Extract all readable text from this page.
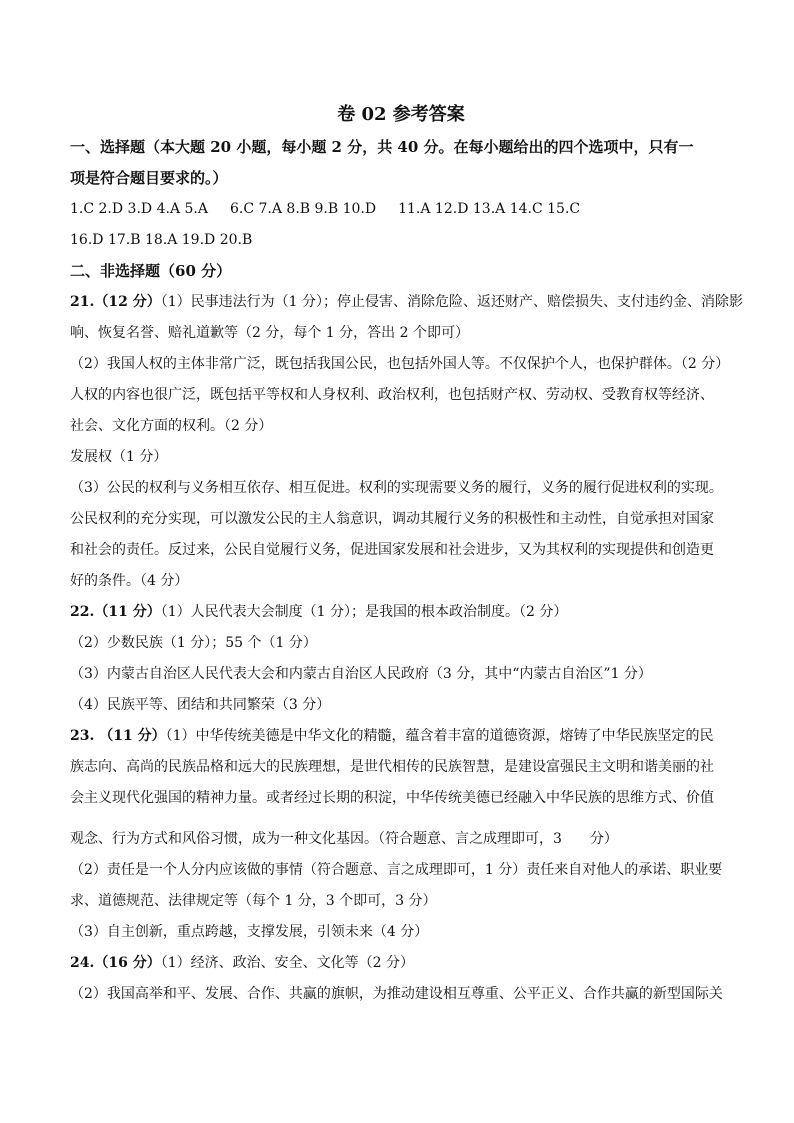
卷 02 参考答案

一、选择题（本大题 20 小题，每小题 2 分，共 40 分。在每小题给出的四个选项中，只有一

项是符合题目要求的。）

1.C 2.D 3.D 4.A 5.A 6.C 7.A 8.B 9.B 10.D 11.A 12.D 13.A 14.C 15.C

16.D 17.B 18.A 19.D 20.B

二、非选择题（60 分）

21.（12 分）（1）民事违法行为（1 分）；停止侵害、消除危险、返还财产、赔偿损失、支付违约金、消除影

响、恢复名誉、赔礼道歉等（2 分，每个 1 分，答出 2 个即可）

（2）我国人权的主体非常广泛，既包括我国公民，也包括外国人等。不仅保护个人，也保护群体。（2 分）

人权的内容也很广泛，既包括平等权和人身权利、政治权利，也包括财产权、劳动权、受教育权等经济、

社会、文化方面的权利。（2 分）

发展权（1 分）

（3）公民的权利与义务相互依存、相互促进。权利的实现需要义务的履行，义务的履行促进权利的实现。

公民权利的充分实现，可以激发公民的主人翁意识，调动其履行义务的积极性和主动性，自觉承担对国家

和社会的责任。反过来，公民自觉履行义务，促进国家发展和社会进步，又为其权利的实现提供和创造更

好的条件。（4 分）

22.（11 分）（1）人民代表大会制度（1 分）；是我国的根本政治制度。（2 分）

（2）少数民族（1 分）；55 个（1 分）

（3）内蒙古自治区人民代表大会和内蒙古自治区人民政府（3 分，其中“内蒙古自治区”1 分）

（4）民族平等、团结和共同繁荣（3 分）

23. （11 分）（1）中华传统美德是中华文化的精髓，蕴含着丰富的道德资源，熔铸了中华民族坚定的民

族志向、高尚的民族品格和远大的民族理想，是世代相传的民族智慧，是建设富强民主文明和谐美丽的社

会主义现代化强国的精神力量。或者经过长期的积淀，中华传统美德已经融入中华民族的思维方式、价值

观念、行为方式和风俗习惯，成为一种文化基因。（符合题意、言之成理即可，3　　分）

（2）责任是一个人分内应该做的事情（符合题意、言之成理即可，1 分）责任来自对他人的承诺、职业要

求、道德规范、法律规定等（每个 1 分，3 个即可，3 分）

（3）自主创新，重点跨越，支撑发展，引领未来（4 分）

24.（16 分）（1）经济、政治、安全、文化等（2 分）

（2）我国高举和平、发展、合作、共赢的旗帜，为推动建设相互尊重、公平正义、合作共赢的新型国际关
